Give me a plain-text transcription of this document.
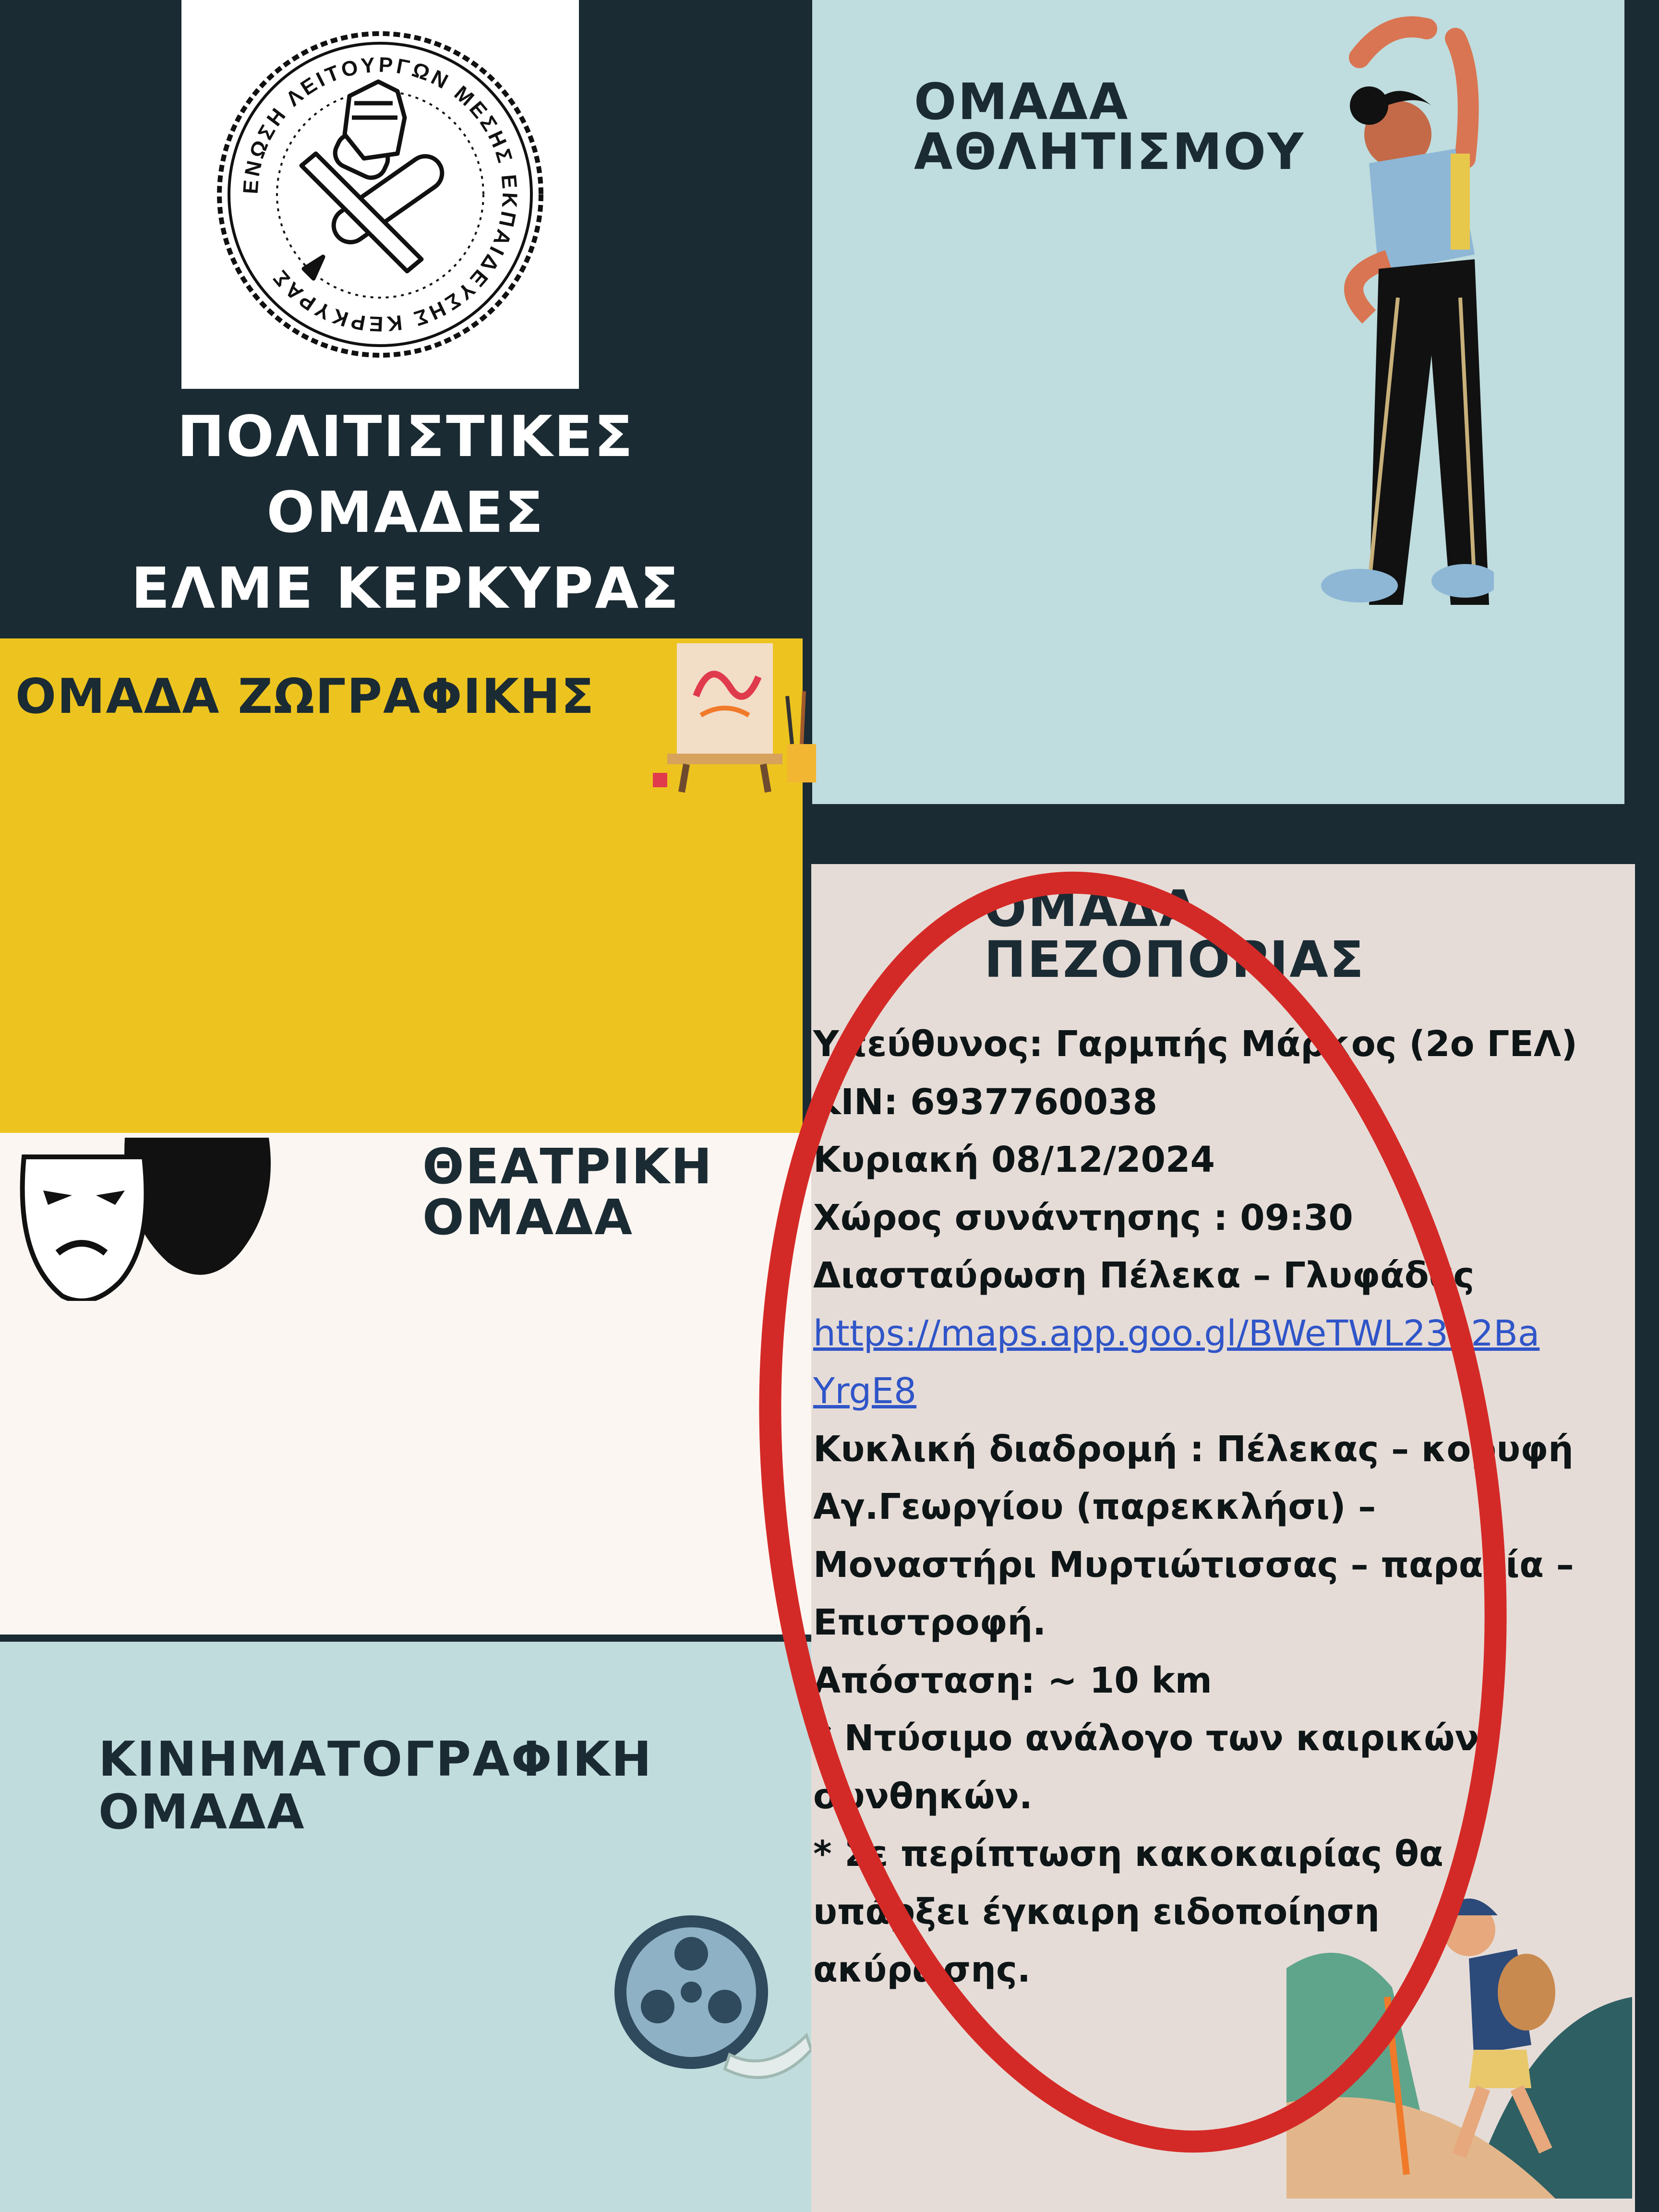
ΕΝΩΣΗ ΛΕΙΤΟΥΡΓΩΝ ΜΕΣΗΣ ΕΚΠΑΙΔΕΥΣΗΣ ΚΕΡΚΥΡΑΣ
ΠΟΛΙΤΙΣΤΙΚΕΣ
ΟΜΑΔΕΣ
ΕΛΜΕ ΚΕΡΚΥΡΑΣ
ΟΜΑΔΑ
ΑΘΛΗΤΙΣΜΟΥ
ΟΜΑΔΑ ΖΩΓΡΑΦΙΚΗΣ
ΘΕΑΤΡΙΚΗ
ΟΜΑΔΑ
ΚΙΝΗΜΑΤΟΓΡΑΦΙΚΗ
ΟΜΑΔΑ
ΟΜΑΔΑ
ΠΕΖΟΠΟΡΙΑΣ
Υπεύθυνος: Γαρμπής Μάρκος (2ο ΓΕΛ)
ΚΙΝ: 6937760038
Κυριακή 08/12/2024
Χώρος συνάντησης : 09:30
Διασταύρωση Πέλεκα – Γλυφάδας
https://maps.app.goo.gl/BWeTWL2352Ba
YrgE8
Κυκλική διαδρομή : Πέλεκας – κορυφή
Αγ.Γεωργίου (παρεκκλήσι) –
Μοναστήρι Μυρτιώτισσας – παραλία –
Επιστροφή.
Απόσταση: ~ 10 km
* Ντύσιμο ανάλογο των καιρικών
συνθηκών.
* Σε περίπτωση κακοκαιρίας θα
υπάρξει έγκαιρη ειδοποίηση
ακύρωσης.
